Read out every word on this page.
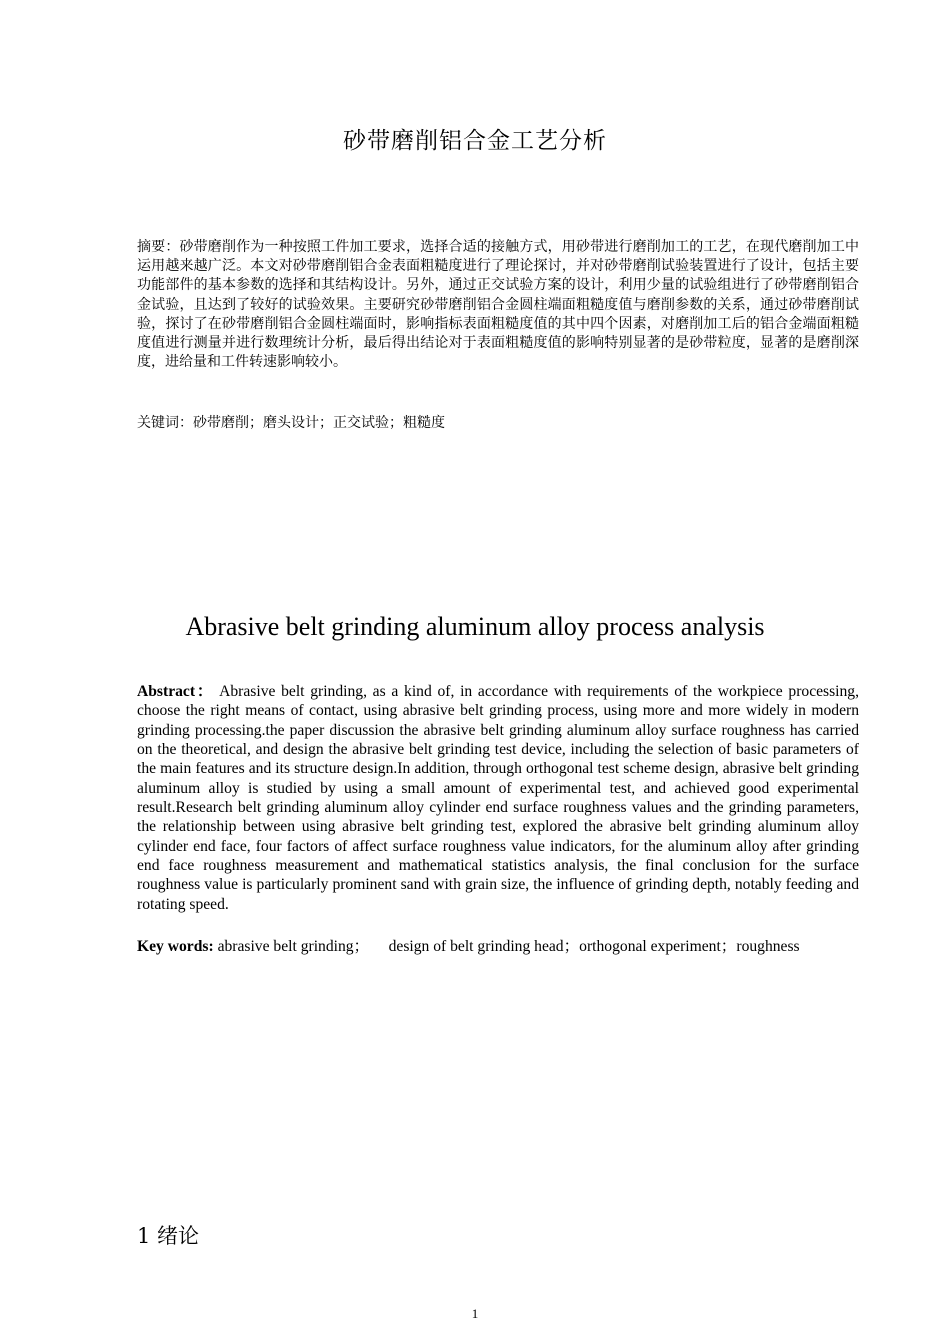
砂带磨削铝合金工艺分析
摘要：砂带磨削作为一种按照工件加工要求，选择合适的接触方式，用砂带进行磨削加工的工艺，在现代磨削加工中运用越来越广泛。本文对砂带磨削铝合金表面粗糙度进行了理论探讨，并对砂带磨削试验装置进行了设计，包括主要功能部件的基本参数的选择和其结构设计。另外，通过正交试验方案的设计，利用少量的试验组进行了砂带磨削铝合金试验，且达到了较好的试验效果。主要研究砂带磨削铝合金圆柱端面粗糙度值与磨削参数的关系，通过砂带磨削试验，探讨了在砂带磨削铝合金圆柱端面时，影响指标表面粗糙度值的其中四个因素，对磨削加工后的铝合金端面粗糙度值进行测量并进行数理统计分析，最后得出结论对于表面粗糙度值的影响特别显著的是砂带粒度，显著的是磨削深度，进给量和工件转速影响较小。
关键词：砂带磨削；磨头设计；正交试验；粗糙度
Abrasive belt grinding aluminum alloy process analysis
Abstract： Abrasive belt grinding, as a kind of, in accordance with requirements of the workpiece processing, choose the right means of contact, using abrasive belt grinding process, using more and more widely in modern grinding processing.the paper discussion the abrasive belt grinding aluminum alloy surface roughness has carried on the theoretical, and design the abrasive belt grinding test device, including the selection of basic parameters of the main features and its structure design.In addition, through orthogonal test scheme design, abrasive belt grinding aluminum alloy is studied by using a small amount of experimental test, and achieved good experimental result.Research belt grinding aluminum alloy cylinder end surface roughness values and the grinding parameters, the relationship between using abrasive belt grinding test, explored the abrasive belt grinding aluminum alloy cylinder end face, four factors of affect surface roughness value indicators, for the aluminum alloy after grinding end face roughness measurement and mathematical statistics analysis, the final conclusion for the surface roughness value is particularly prominent sand with grain size, the influence of grinding depth, notably feeding and rotating speed.
Key words: abrasive belt grinding；     design of belt grinding head；orthogonal experiment；roughness
1 绪论
1
